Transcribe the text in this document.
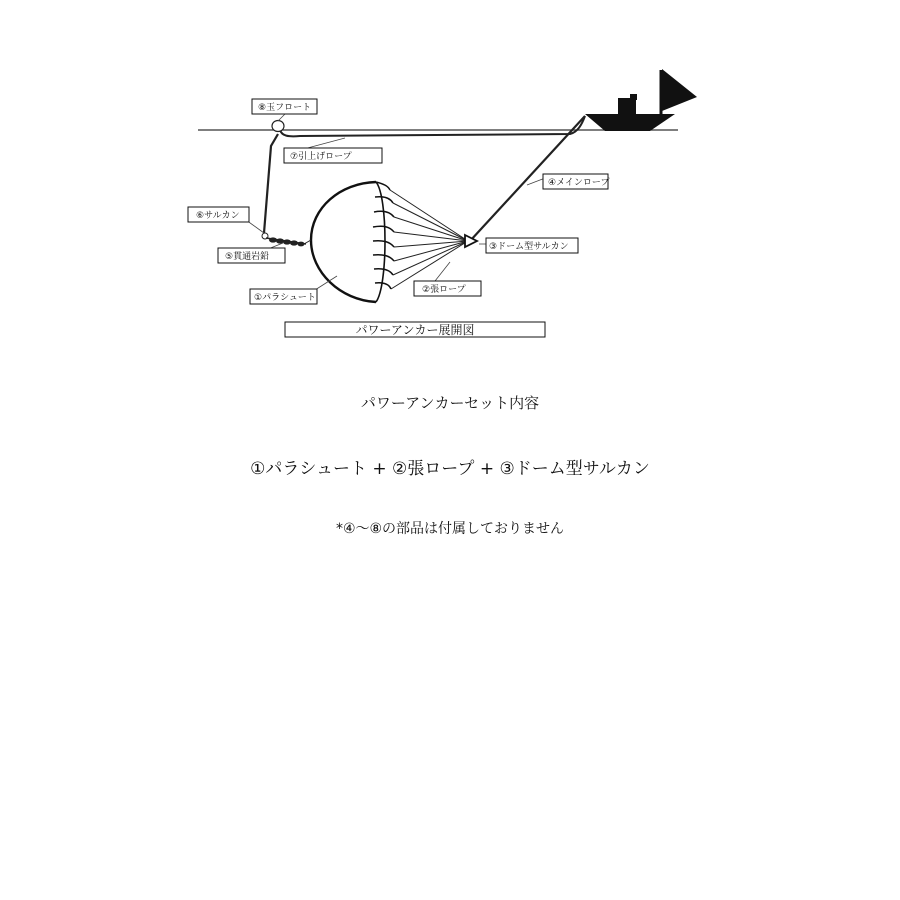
⑧玉フロート
⑦引上げロープ
④メインロープ
⑥サルカン
③ドーム型サルカン
⑤貫通岩鉛
②張ロープ
①パラシュート
パワーアンカー展開図
パワーアンカーセット内容
①パラシュート + ②張ロープ + ③ドーム型サルカン
*④～⑧の部品は付属しておりません
